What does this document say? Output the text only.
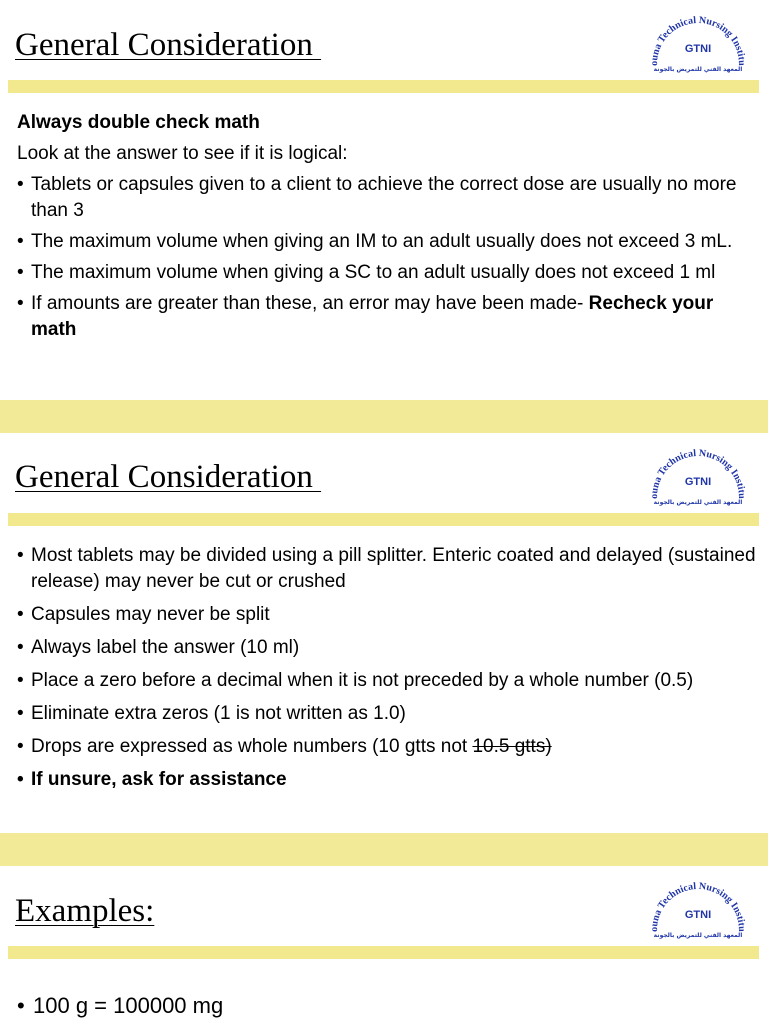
General Consideration
ouna Technical Nursing Institu
GTNI
المعهد الفني للتمريض بالجونة

Always double check math

Look at the answer to see if it is logical:

• Tablets or capsules given to a client to achieve the correct dose are usually no more than 3
• The maximum volume when giving an IM to an adult usually does not exceed 3 mL.
• The maximum volume when giving a SC to an adult usually does not exceed 1 ml
• If amounts are greater than these, an error may have been made- Recheck your math
General Consideration
ouna Technical Nursing Institu
GTNI
المعهد الفني للتمريض بالجونة
• Most tablets may be divided using a pill splitter. Enteric coated and delayed (sustained release) may never be cut or crushed
• Capsules may never be split
• Always label the answer (10 ml)
• Place a zero before a decimal when it is not preceded by a whole number (0.5)
• Eliminate extra zeros (1 is not written as 1.0)
• Drops are expressed as whole numbers (10 gtts not 10.5 gtts)
• If unsure, ask for assistance
Examples:
ouna Technical Nursing Institu
GTNI
المعهد الفني للتمريض بالجونة
• 100 g = 100000 mg
